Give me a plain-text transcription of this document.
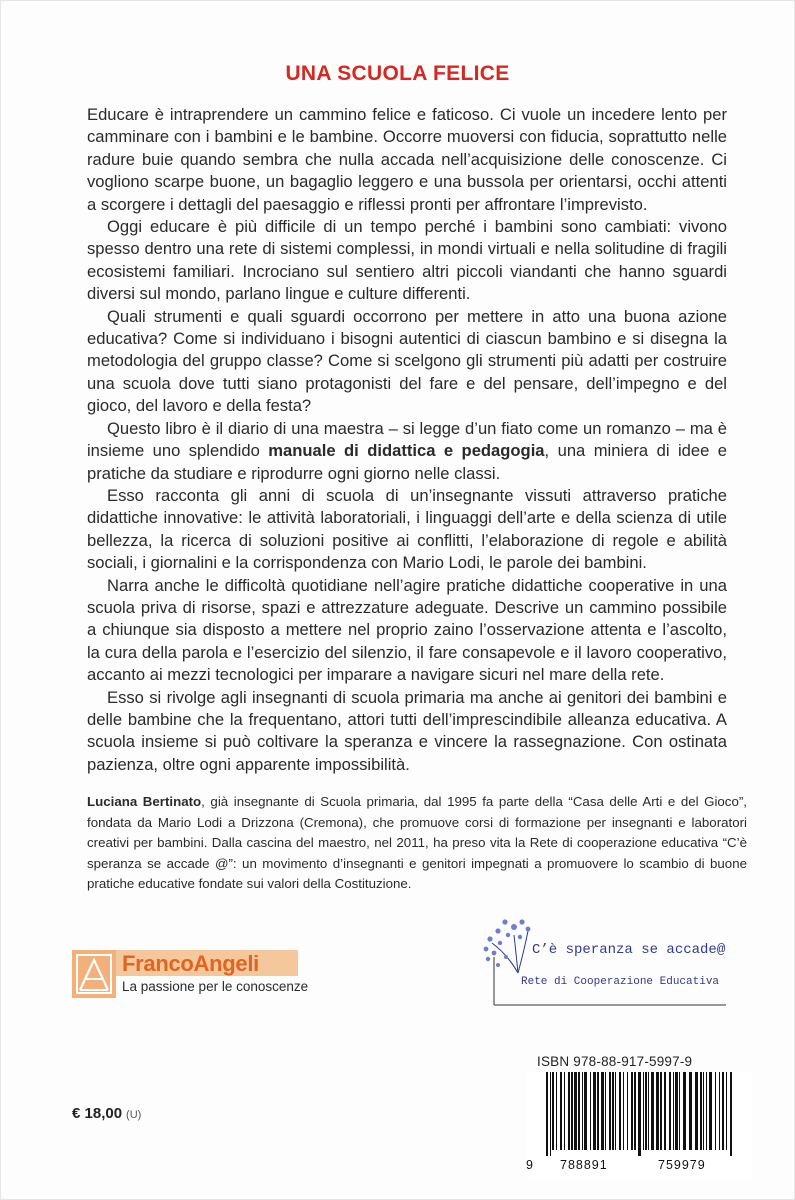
UNA SCUOLA FELICE

Educare è intraprendere un cammino felice e faticoso. Ci vuole un incedere lento per camminare con i bambini e le bambine. Occorre muoversi con fiducia, soprattutto nelle radure buie quando sembra che nulla accada nell’acquisizione delle conoscenze. Ci vogliono scarpe buone, un bagaglio leggero e una bussola per orientarsi, occhi attenti a scorgere i dettagli del paesaggio e riflessi pronti per affrontare l’imprevisto.

Oggi educare è più difficile di un tempo perché i bambini sono cambiati: vivono spesso dentro una rete di sistemi complessi, in mondi virtuali e nella solitudine di fragili ecosistemi familiari. Incrociano sul sentiero altri piccoli viandanti che hanno sguardi diversi sul mondo, parlano lingue e culture differenti.

Quali strumenti e quali sguardi occorrono per mettere in atto una buona azione educativa? Come si individuano i bisogni autentici di ciascun bambino e si disegna la metodologia del gruppo classe? Come si scelgono gli strumenti più adatti per costruire una scuola dove tutti siano protagonisti del fare e del pensare, dell’impegno e del gioco, del lavoro e della festa?

Questo libro è il diario di una maestra – si legge d’un fiato come un romanzo – ma è insieme uno splendido manuale di didattica e pedagogia, una miniera di idee e pratiche da studiare e riprodurre ogni giorno nelle classi.

Esso racconta gli anni di scuola di un’insegnante vissuti attraverso pratiche didattiche innovative: le attività laboratoriali, i linguaggi dell’arte e della scienza di utile bellezza, la ricerca di soluzioni positive ai conflitti, l’elaborazione di regole e abilità sociali, i giornalini e la corrispondenza con Mario Lodi, le parole dei bambini.

Narra anche le difficoltà quotidiane nell’agire pratiche didattiche cooperative in una scuola priva di risorse, spazi e attrezzature adeguate. Descrive un cammino possibile a chiunque sia disposto a mettere nel proprio zaino l’osservazione attenta e l’ascolto, la cura della parola e l’esercizio del silenzio, il fare consapevole e il lavoro cooperativo, accanto ai mezzi tecnologici per imparare a navigare sicuri nel mare della rete.

Esso si rivolge agli insegnanti di scuola primaria ma anche ai genitori dei bambini e delle bambine che la frequentano, attori tutti dell’imprescindibile alleanza educativa. A scuola insieme si può coltivare la speranza e vincere la rassegnazione. Con ostinata pazienza, oltre ogni apparente impossibilità.

Luciana Bertinato, già insegnante di Scuola primaria, dal 1995 fa parte della “Casa delle Arti e del Gioco”, fondata da Mario Lodi a Drizzona (Cremona), che promuove corsi di formazione per insegnanti e laboratori creativi per bambini. Dalla cascina del maestro, nel 2011, ha preso vita la Rete di cooperazione educativa “C’è speranza se accade @”: un movimento d’insegnanti e genitori impegnati a promuovere lo scambio di buone pratiche educative fondate sui valori della Costituzione.

FrancoAngeli
La passione per le conoscenze
C’è speranza se accade@
Rete di Cooperazione Educativa
ISBN 978-88-917-5997-9
9 788891	759979
€ 18,00 (U)
